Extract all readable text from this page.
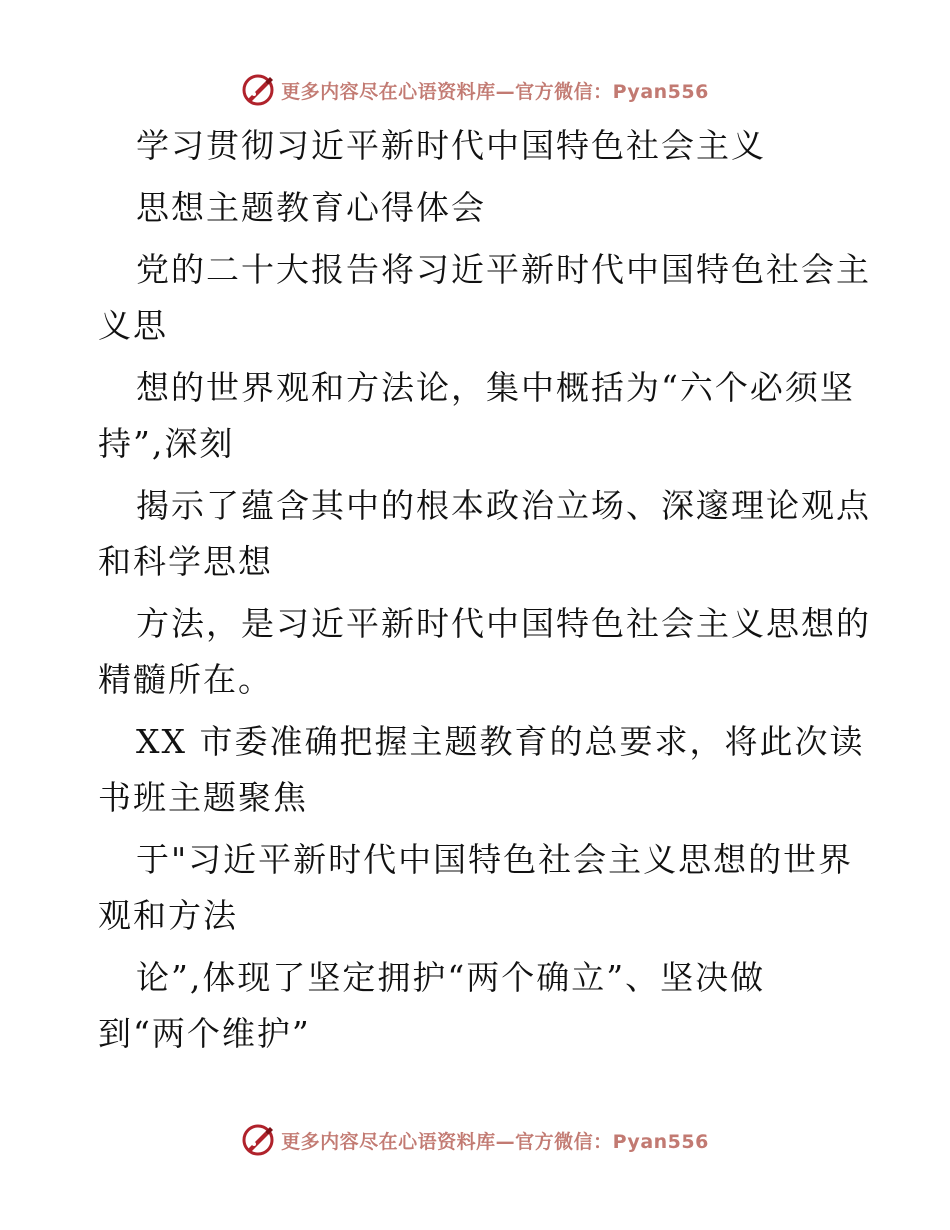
更多内容尽在心语资料库—官方微信：Pyan556
学习贯彻习近平新时代中国特色社会主义
思想主题教育心得体会
党的二十大报告将习近平新时代中国特色社会主
义思
想的世界观和方法论，集中概括为“六个必须坚
持”,深刻
揭示了蕴含其中的根本政治立场、深邃理论观点
和科学思想
方法，是习近平新时代中国特色社会主义思想的
精髓所在。
XX 市委准确把握主题教育的总要求，将此次读
书班主题聚焦
于"习近平新时代中国特色社会主义思想的世界
观和方法
论”,体现了坚定拥护“两个确立”、坚决做
到“两个维护”
更多内容尽在心语资料库—官方微信：Pyan556
